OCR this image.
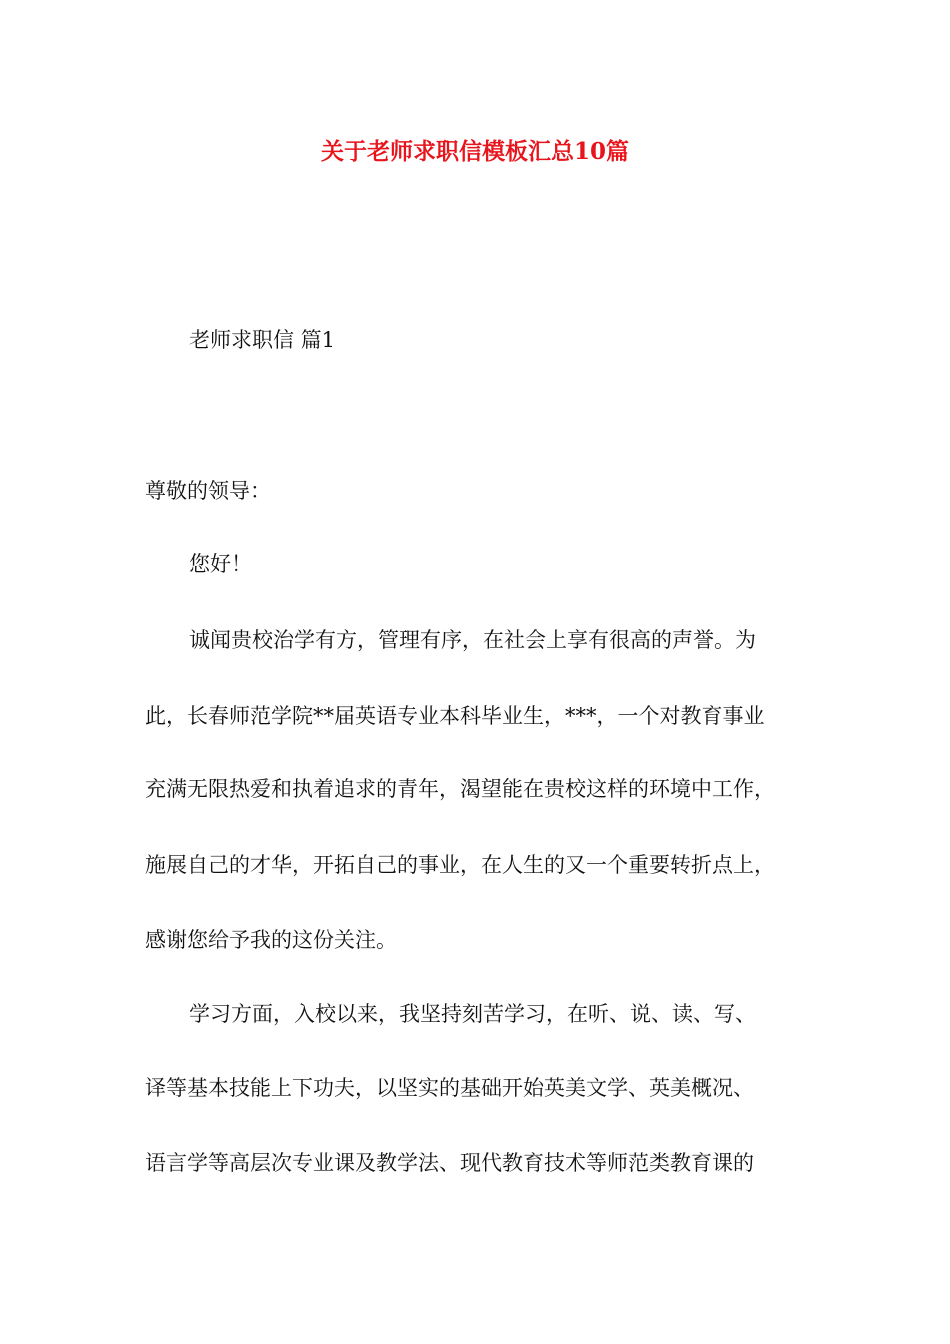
关于老师求职信模板汇总10篇
老师求职信 篇1
尊敬的领导：
您好！
诚闻贵校治学有方，管理有序，在社会上享有很高的声誉。为
此，长春师范学院**届英语专业本科毕业生，***，一个对教育事业
充满无限热爱和执着追求的青年，渴望能在贵校这样的环境中工作，
施展自己的才华，开拓自己的事业，在人生的又一个重要转折点上，
感谢您给予我的这份关注。
学习方面，入校以来，我坚持刻苦学习，在听、说、读、写、
译等基本技能上下功夫，以坚实的基础开始英美文学、英美概况、
语言学等高层次专业课及教学法、现代教育技术等师范类教育课的
